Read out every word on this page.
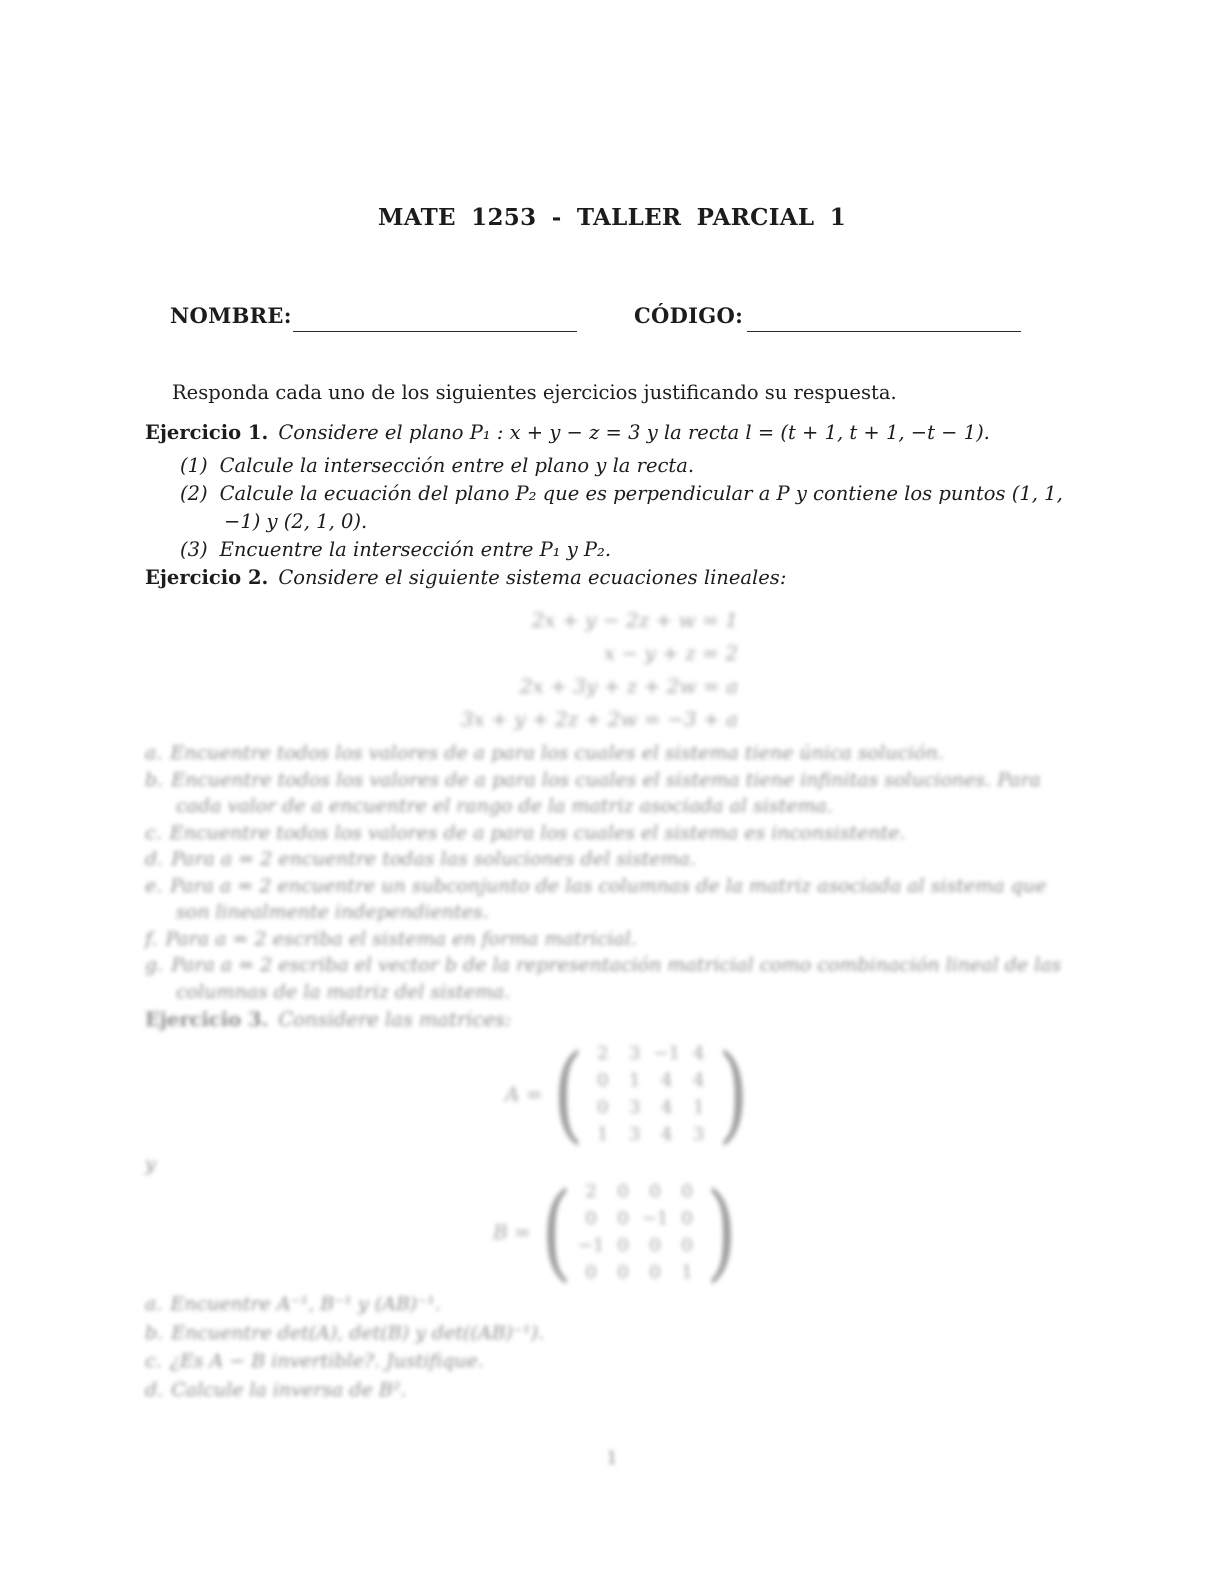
MATE 1253 - TALLER PARCIAL 1
NOMBRE:	CÓDIGO:
Responda cada uno de los siguientes ejercicios justificando su respuesta.
Ejercicio 1. Considere el plano P₁ : x + y − z = 3 y la recta l = (t + 1, t + 1, −t − 1).
(1) Calcule la intersección entre el plano y la recta.
(2) Calcule la ecuación del plano P₂ que es perpendicular a P y contiene los puntos (1, 1, −1) y (2, 1, 0).
(3) Encuentre la intersección entre P₁ y P₂.
Ejercicio 2. Considere el siguiente sistema ecuaciones lineales:
2x + y − 2z + w = 1
x − y + z = 2
2x + 3y + z + 2w = a
3x + y + 2z + 2w = −3 + a
a. Encuentre todos los valores de a para los cuales el sistema tiene única solución.
b. Encuentre todos los valores de a para los cuales el sistema tiene infinitas soluciones. Para cada valor de a encuentre el rango de la matriz asociada al sistema.
c. Encuentre todos los valores de a para los cuales el sistema es inconsistente.
d. Para a = 2 encuentre todas las soluciones del sistema.
e. Para a = 2 encuentre un subconjunto de las columnas de la matriz asociada al sistema que son linealmente independientes.
f. Para a = 2 escriba el sistema en forma matricial.
g. Para a = 2 escriba el vector b de la representación matricial como combinación lineal de las columnas de la matriz del sistema.
Ejercicio 3. Considere las matrices:
A = ( 2 3 −1 4
0 1 4 4
0 3 4 1
1 3 4 3 )
y
B = ( 2 0 0 0
0 0 −1 0
−1 0 0 0
0 0 0 1 )
a. Encuentre A⁻¹, B⁻¹ y (AB)⁻¹.
b. Encuentre det(A), det(B) y det((AB)⁻¹).
c. ¿Es A − B invertible?. Justifique.
d. Calcule la inversa de B².
1
